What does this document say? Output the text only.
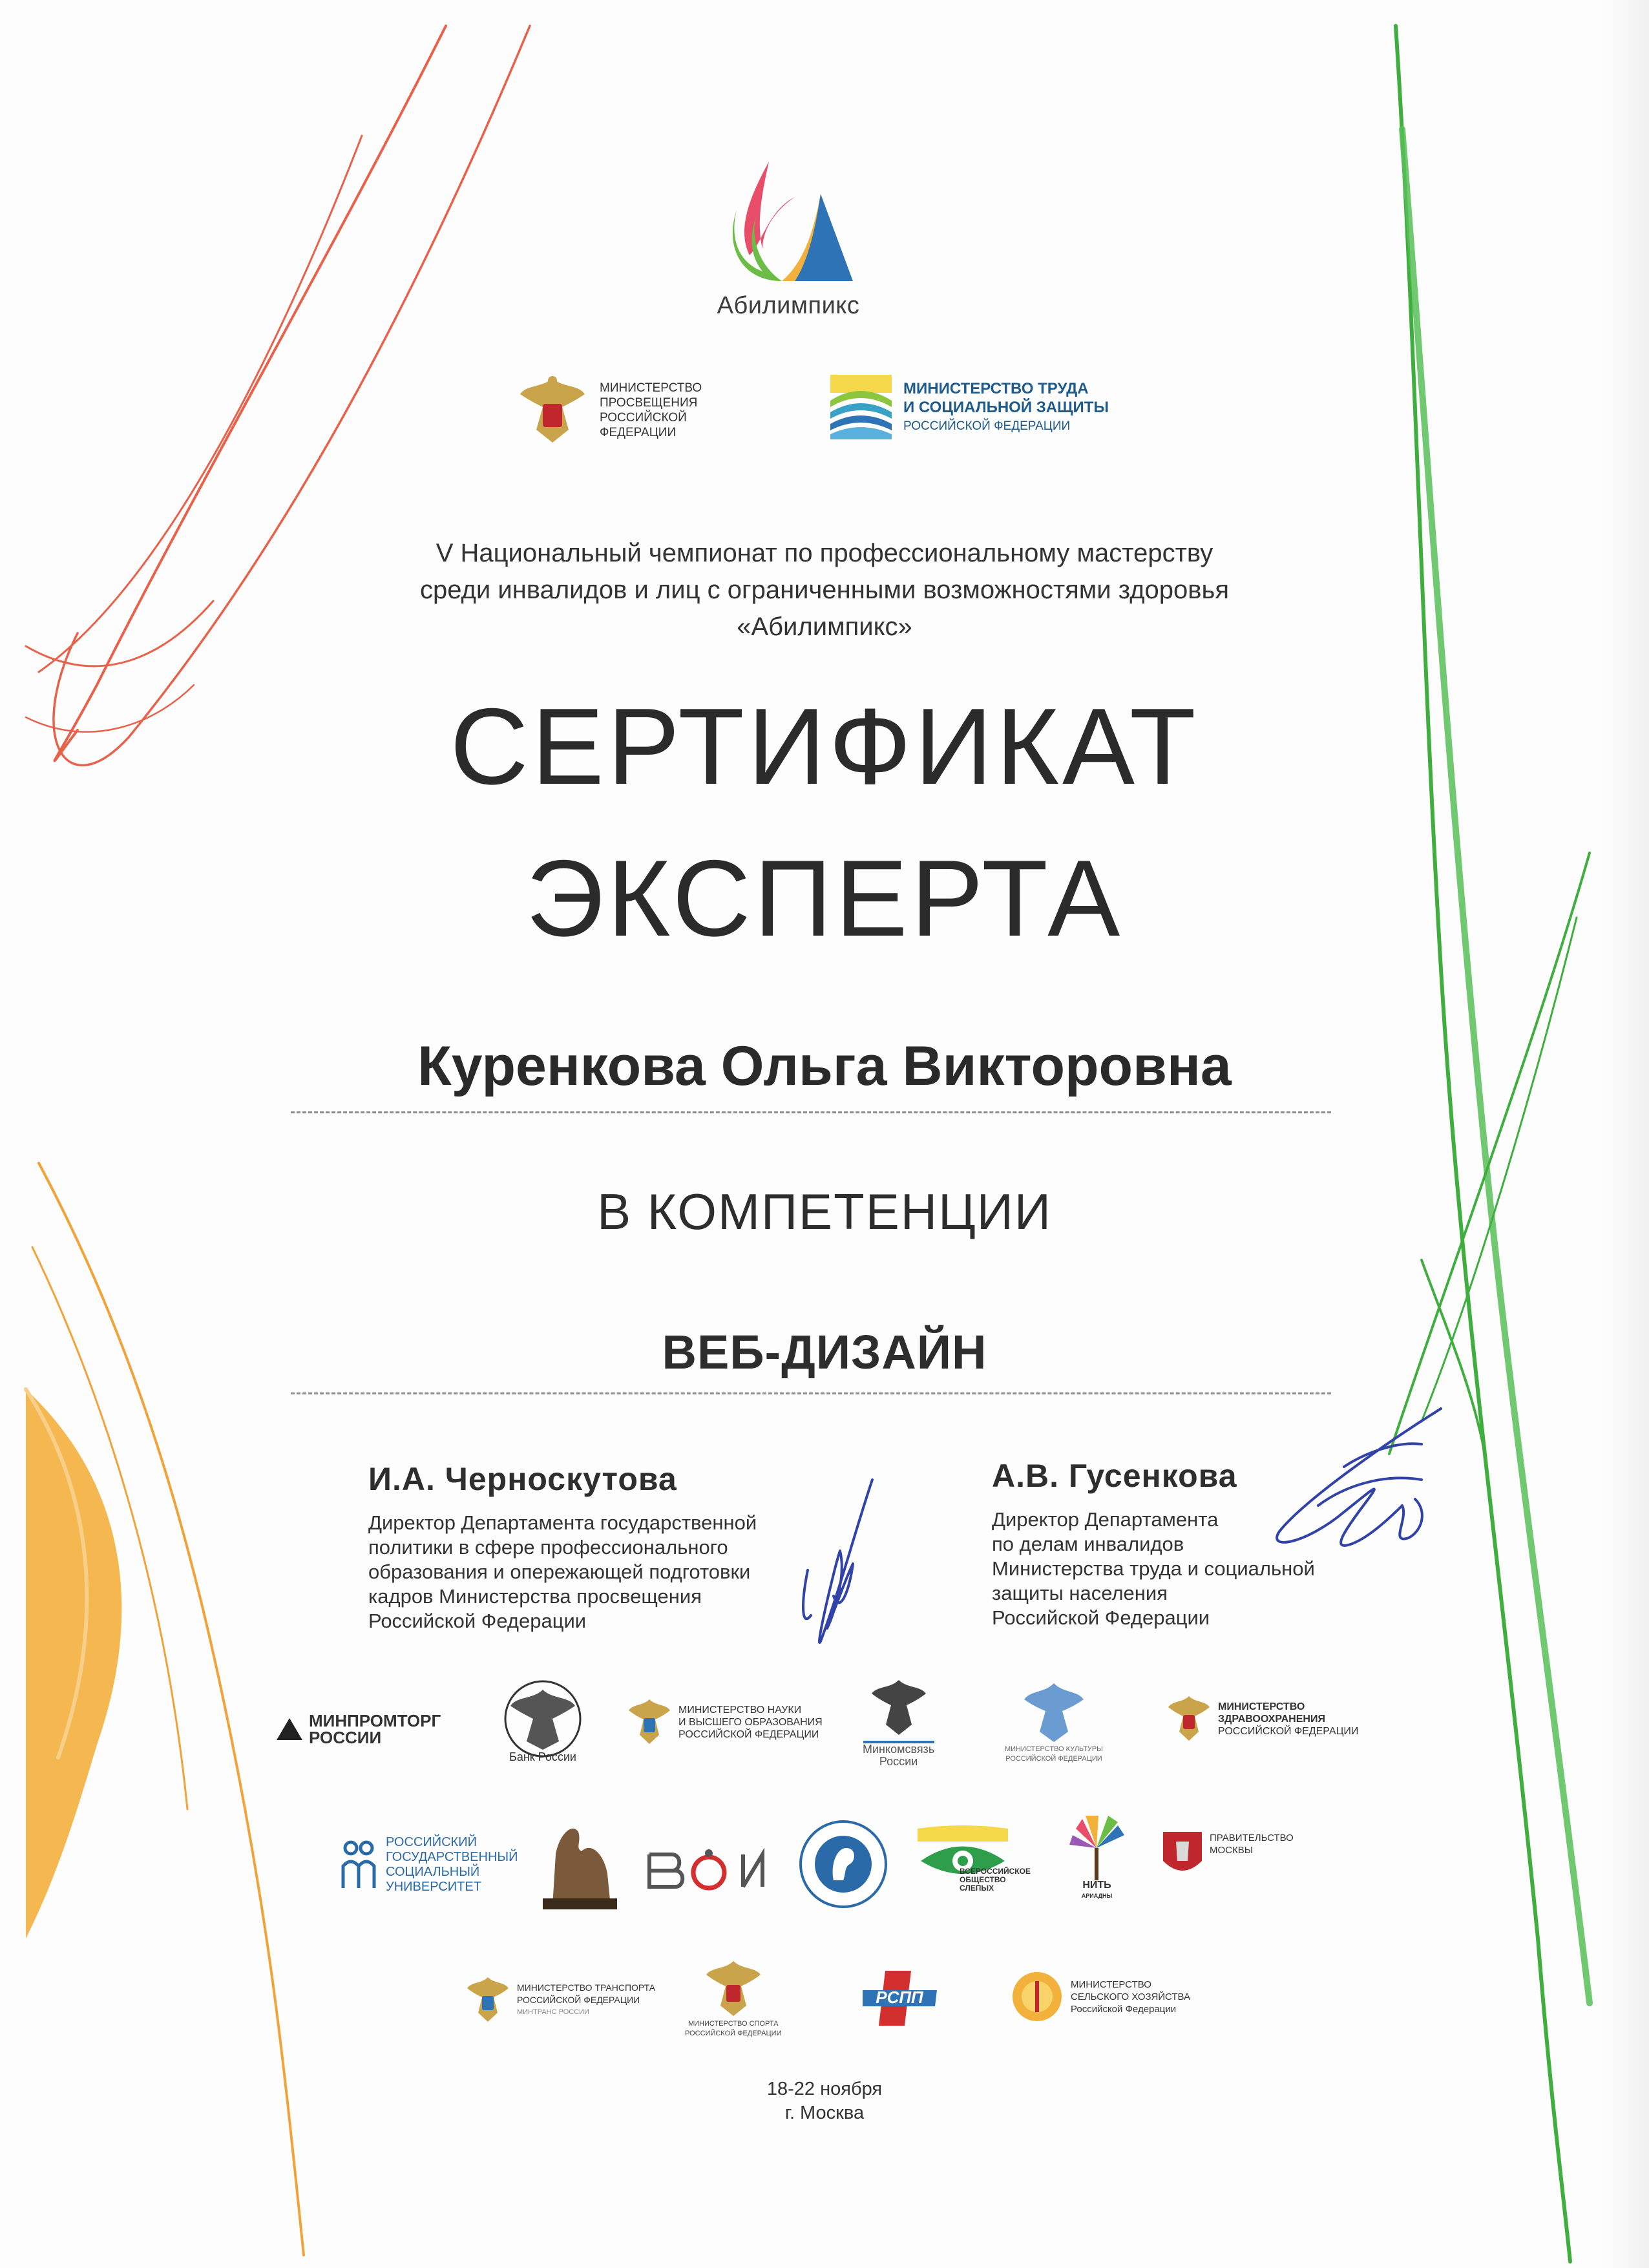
Абилимпикс
МИНИСТЕРСТВО
ПРОСВЕЩЕНИЯ
РОССИЙСКОЙ
ФЕДЕРАЦИИ
МИНИСТЕРСТВО ТРУДА
И СОЦИАЛЬНОЙ ЗАЩИТЫ
РОССИЙСКОЙ ФЕДЕРАЦИИ
V Национальный чемпионат по профессиональному мастерству
среди инвалидов и лиц с ограниченными возможностями здоровья
«Абилимпикс»
СЕРТИФИКАТ
ЭКСПЕРТА
Куренкова Ольга Викторовна
В КОМПЕТЕНЦИИ
ВЕБ-ДИЗАЙН
И.А. Черноскутова
Директор Департамента государственной
политики в сфере профессионального
образования и опережающей подготовки
кадров Министерства просвещения
Российской Федерации
А.В. Гусенкова
Директор Департамента
по делам инвалидов
Министерства труда и социальной
защиты населения
Российской Федерации
МИНПРОМТОРГ
РОССИИ
Банк России
МИНИСТЕРСТВО НАУКИ
И ВЫСШЕГО ОБРАЗОВАНИЯ
РОССИЙСКОЙ ФЕДЕРАЦИИ
Минкомсвязь
России
МИНИСТЕРСТВО КУЛЬТУРЫ
РОССИЙСКОЙ ФЕДЕРАЦИИ
МИНИСТЕРСТВО
ЗДРАВООХРАНЕНИЯ
РОССИЙСКОЙ ФЕДЕРАЦИИ
РОССИЙСКИЙ
ГОСУДАРСТВЕННЫЙ
СОЦИАЛЬНЫЙ
УНИВЕРСИТЕТ
ВСЕРОССИЙСКОЕ
ОБЩЕСТВО
СЛЕПЫХ	НИТЬ
АРИАДНЫ
ПРАВИТЕЛЬСТВО
МОСКВЫ
МИНИСТЕРСТВО ТРАНСПОРТА
РОССИЙСКОЙ ФЕДЕРАЦИИ
МИНТРАНС РОССИИ
МИНИСТЕРСТВО СПОРТА
РОССИЙСКОЙ ФЕДЕРАЦИИ
РСПП
МИНИСТЕРСТВО
СЕЛЬСКОГО ХОЗЯЙСТВА
Российской Федерации
18-22 ноября
г. Москва
